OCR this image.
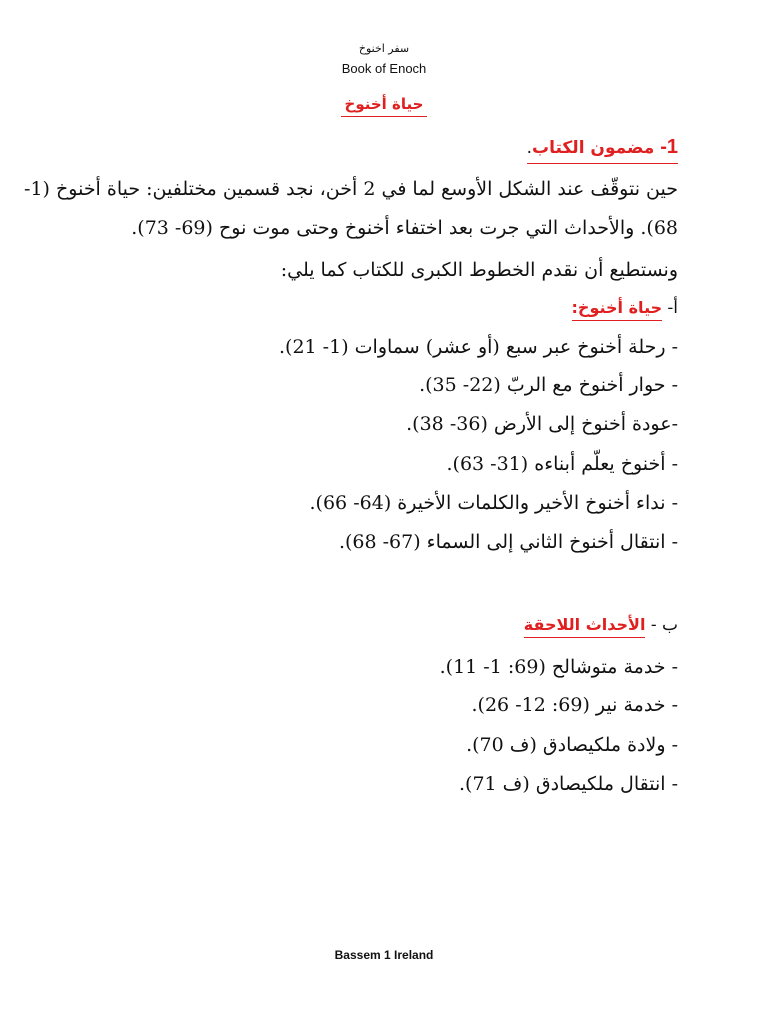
سفر اخنوخ
Book of Enoch
حياة أخنوخ
1- مضمون الكتاب.
حين نتوقّف عند الشكل الأوسع لما في 2 أخن، نجد قسمين مختلفين: حياة أخنوخ (1-
68). والأحداث التي جرت بعد اختفاء أخنوخ وحتى موت نوح (69- 73).
ونستطيع أن نقدم الخطوط الكبرى للكتاب كما يلي:
أ- حياة أخنوخ:
- رحلة أخنوخ عبر سبع (أو عشر) سماوات (1- 21).
- حوار أخنوخ مع الربّ (22- 35).
-عودة أخنوخ إلى الأرض (36- 38).
- أخنوخ يعلّم أبناءه (31- 63).
- نداء أخنوخ الأخير والكلمات الأخيرة (64- 66).
- انتقال أخنوخ الثاني إلى السماء (67- 68).
ب - الأحداث اللاحقة
- خدمة متوشالح (69: 1- 11).
- خدمة نير (69: 12- 26).
- ولادة ملكيصادق (ف 70).
- انتقال ملكيصادق (ف 71).
Bassem 1 Ireland
